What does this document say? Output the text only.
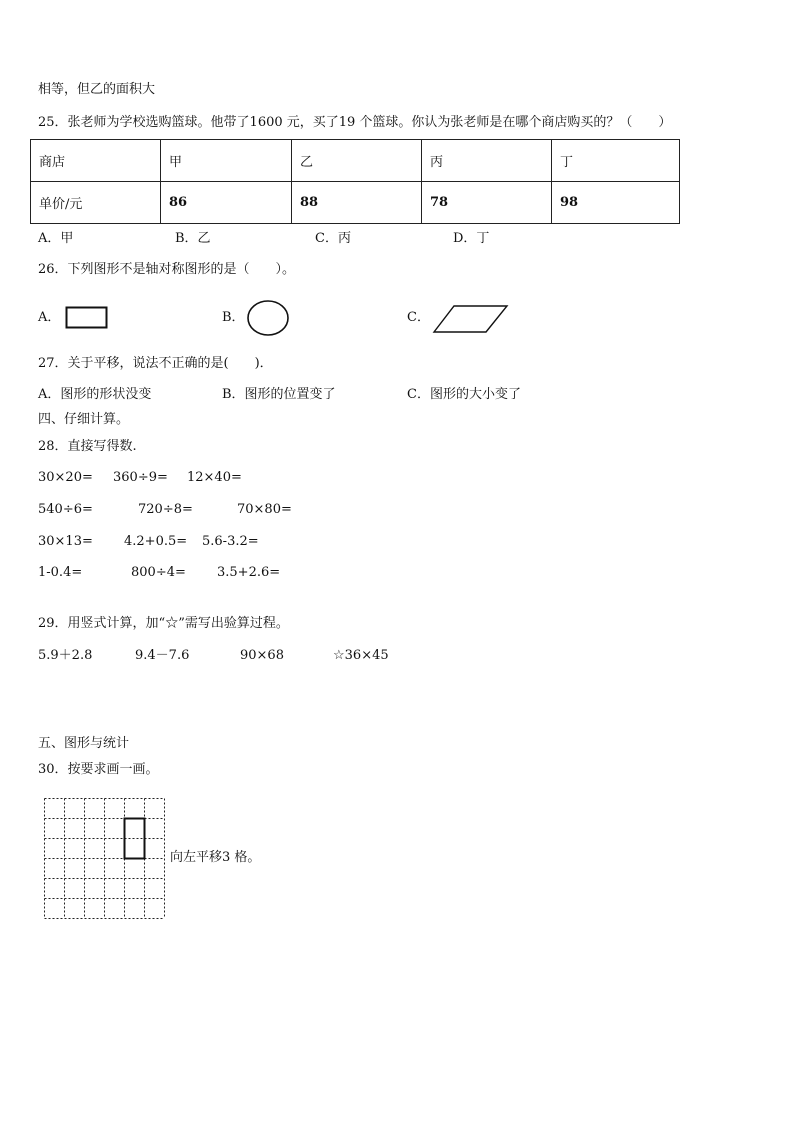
相等，但乙的面积大
25．张老师为学校选购篮球。他带了1600 元，买了19 个篮球。你认为张老师是在哪个商店购买的？（　　）
商店	甲	乙	丙	丁
单价/元	86	88	78	98
A．甲	B．乙	C．丙	D．丁
26．下列图形不是轴对称图形的是（　　）。
A．	B．	C．
27．关于平移，说法不正确的是(　　)．
A．图形的形状没变	B．图形的位置变了	C．图形的大小变了
四、仔细计算。
28．直接写得数.
30×20= 360÷9= 12×40=
540÷6=	720÷8=	70×80=
30×13= 4.2+0.5= 5.6-3.2=
1-0.4=	800÷4= 3.5+2.6=
29．用竖式计算，加“☆”需写出验算过程。
5.9＋2.8	9.4－7.6	90×68	☆36×45
五、图形与统计
30．按要求画一画。
向左平移3 格。
